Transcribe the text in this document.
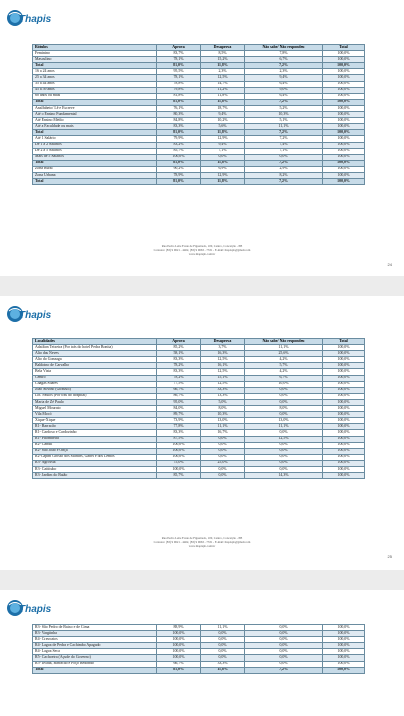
Thapis
Rótulos	Aprova	Desaprova	Não sabe/ Não respondeu	Total
Feminino	83,7%	8,5%	7,8%	100,0%
Masculino	78,1%	15,2%	6,7%	100,0%
Total	81,0%	11,8%	7,2%	100,0%
16 a 24 anos	95,5%	2,3%	2,3%	100,0%
25 a 34 anos	78,1%	12,5%	9,4%	100,0%
35 a 44 anos	78,8%	14,7%	6,4%	100,0%
45 a 59 anos	79,8%	11,2%	9,0%	100,0%
60 anos ou mais	81,8%	11,8%	6,4%	100,0%
Total	81,0%	11,8%	7,2%	100,0%
Analfabeto/ Lê e Escreve	76,1%	18,7%	5,2%	100,0%
Até o Ensino Fundamental	80,3%	9,4%	10,3%	100,0%
Até Ensino Médio	84,8%	10,2%	5,1%	100,0%
Até a Faculdade ou mais	83,3%	5,6%	11,1%	100,0%
Total	81,0%	11,8%	7,2%	100,0%
Até 1 Salário	79,9%	12,9%	7,2%	100,0%
De 1 a 2 Salários	83,2%	9,4%	7,4%	100,0%
De 2 a 5 Salários	85,7%	7,1%	7,1%	100,0%
Mais de 5 Salários	100,0%	0,0%	0,0%	100,0%
Total	81,0%	11,8%	7,2%	100,0%
Zona Rural	90,2%	6,9%	2,9%	100,0%
Zona Urbana	78,9%	12,9%	8,2%	100,0%
Total	81,0%	11,8%	7,2%	100,0%
Rua Pedro Leite Fonte de Figueiredo, 100, Centro, Conceição - PB
Contatos: (83) 9 9621 - 4462, (83) 9 9663 - 7331 - E-mail: thapispb@gmail.com
www.thapispb.com.br
24
Thapis
Localidades	Aprova	Desaprova	Não sabe/ Não respondeu	Total
Adailton Teixeira (Por trás do hotel Pedra Bonita)	85,2%	3,7%	11,1%	100,0%
Alto das Neves	58,1%	16,3%	25,6%	100,0%
Alto do Gonzaga	83,3%	12,5%	4,2%	100,0%
Baldoino de Carvalho	78,2%	16,1%	5,7%	100,0%
Bela Vista	83,3%	12,5%	4,2%	100,0%
Centro	78,2%	15,1%	6,7%	100,0%
Chagas Soares	77,5%	12,5%	10,0%	100,0%
João Silvino (Girassol)	66,7%	33,3%	0,0%	100,0%
Lot. Paulos (Por trás do hospital)	86,7%	13,3%	0,0%	100,0%
Maria de Zé Paulo	95,0%	5,0%	0,0%	100,0%
Miguel Mourato	84,0%	8,0%	8,0%	100,0%
Vila Mocó	89,7%	10,3%	0,0%	100,0%
Xique-Xique	73,9%	13,0%	13,0%	100,0%
R1- Barracão	77,8%	11,1%	11,1%	100,0%
R1- Cardoso e Cardozinho	83,3%	16,7%	0,0%	100,0%
R1- Pitombeira	87,5%	0,0%	12,5%	100,0%
R2- Candil	100,0%	0,0%	0,0%	100,0%
R2- São João e Onça	100,0%	0,0%	0,0%	100,0%
R2-Capim Grosso dos Martins, Gabel e dos Lemos	100,0%	0,0%	0,0%	100,0%
R3- Agrovila	75,0%	25,0%	0,0%	100,0%
R3- Caititubo	100,0%	0,0%	0,0%	100,0%
R3- Jardim do Baião	85,7%	0,0%	14,3%	100,0%
Rua Pedro Leite Fonte de Figueiredo, 100, Centro, Conceição - PB
Contatos: (83) 9 9621 - 4462, (83) 9 9663 - 7331 - E-mail: thapispb@gmail.com
www.thapispb.com.br
25
Thapis
R3- São Pedro de Baixo e de Cima	88,9%	11,1%	0,0%	100,0%
R3- Vargiinha	100,0%	0,0%	0,0%	100,0%
R4- Cravoatos	100,0%	0,0%	0,0%	100,0%
R4- Lagoa de Pedra e Cachimbo Apagado	100,0%	0,0%	0,0%	100,0%
R4- Lagoa Seca	100,0%	0,0%	0,0%	100,0%
R5- Cachoeira (Açude do Governo)	100,0%	0,0%	0,0%	100,0%
R5- Ilvada, Barracão e Poço Redondo	66,7%	33,3%	0,0%	100,0%
Total	81,0%	11,8%	7,2%	100,0%
